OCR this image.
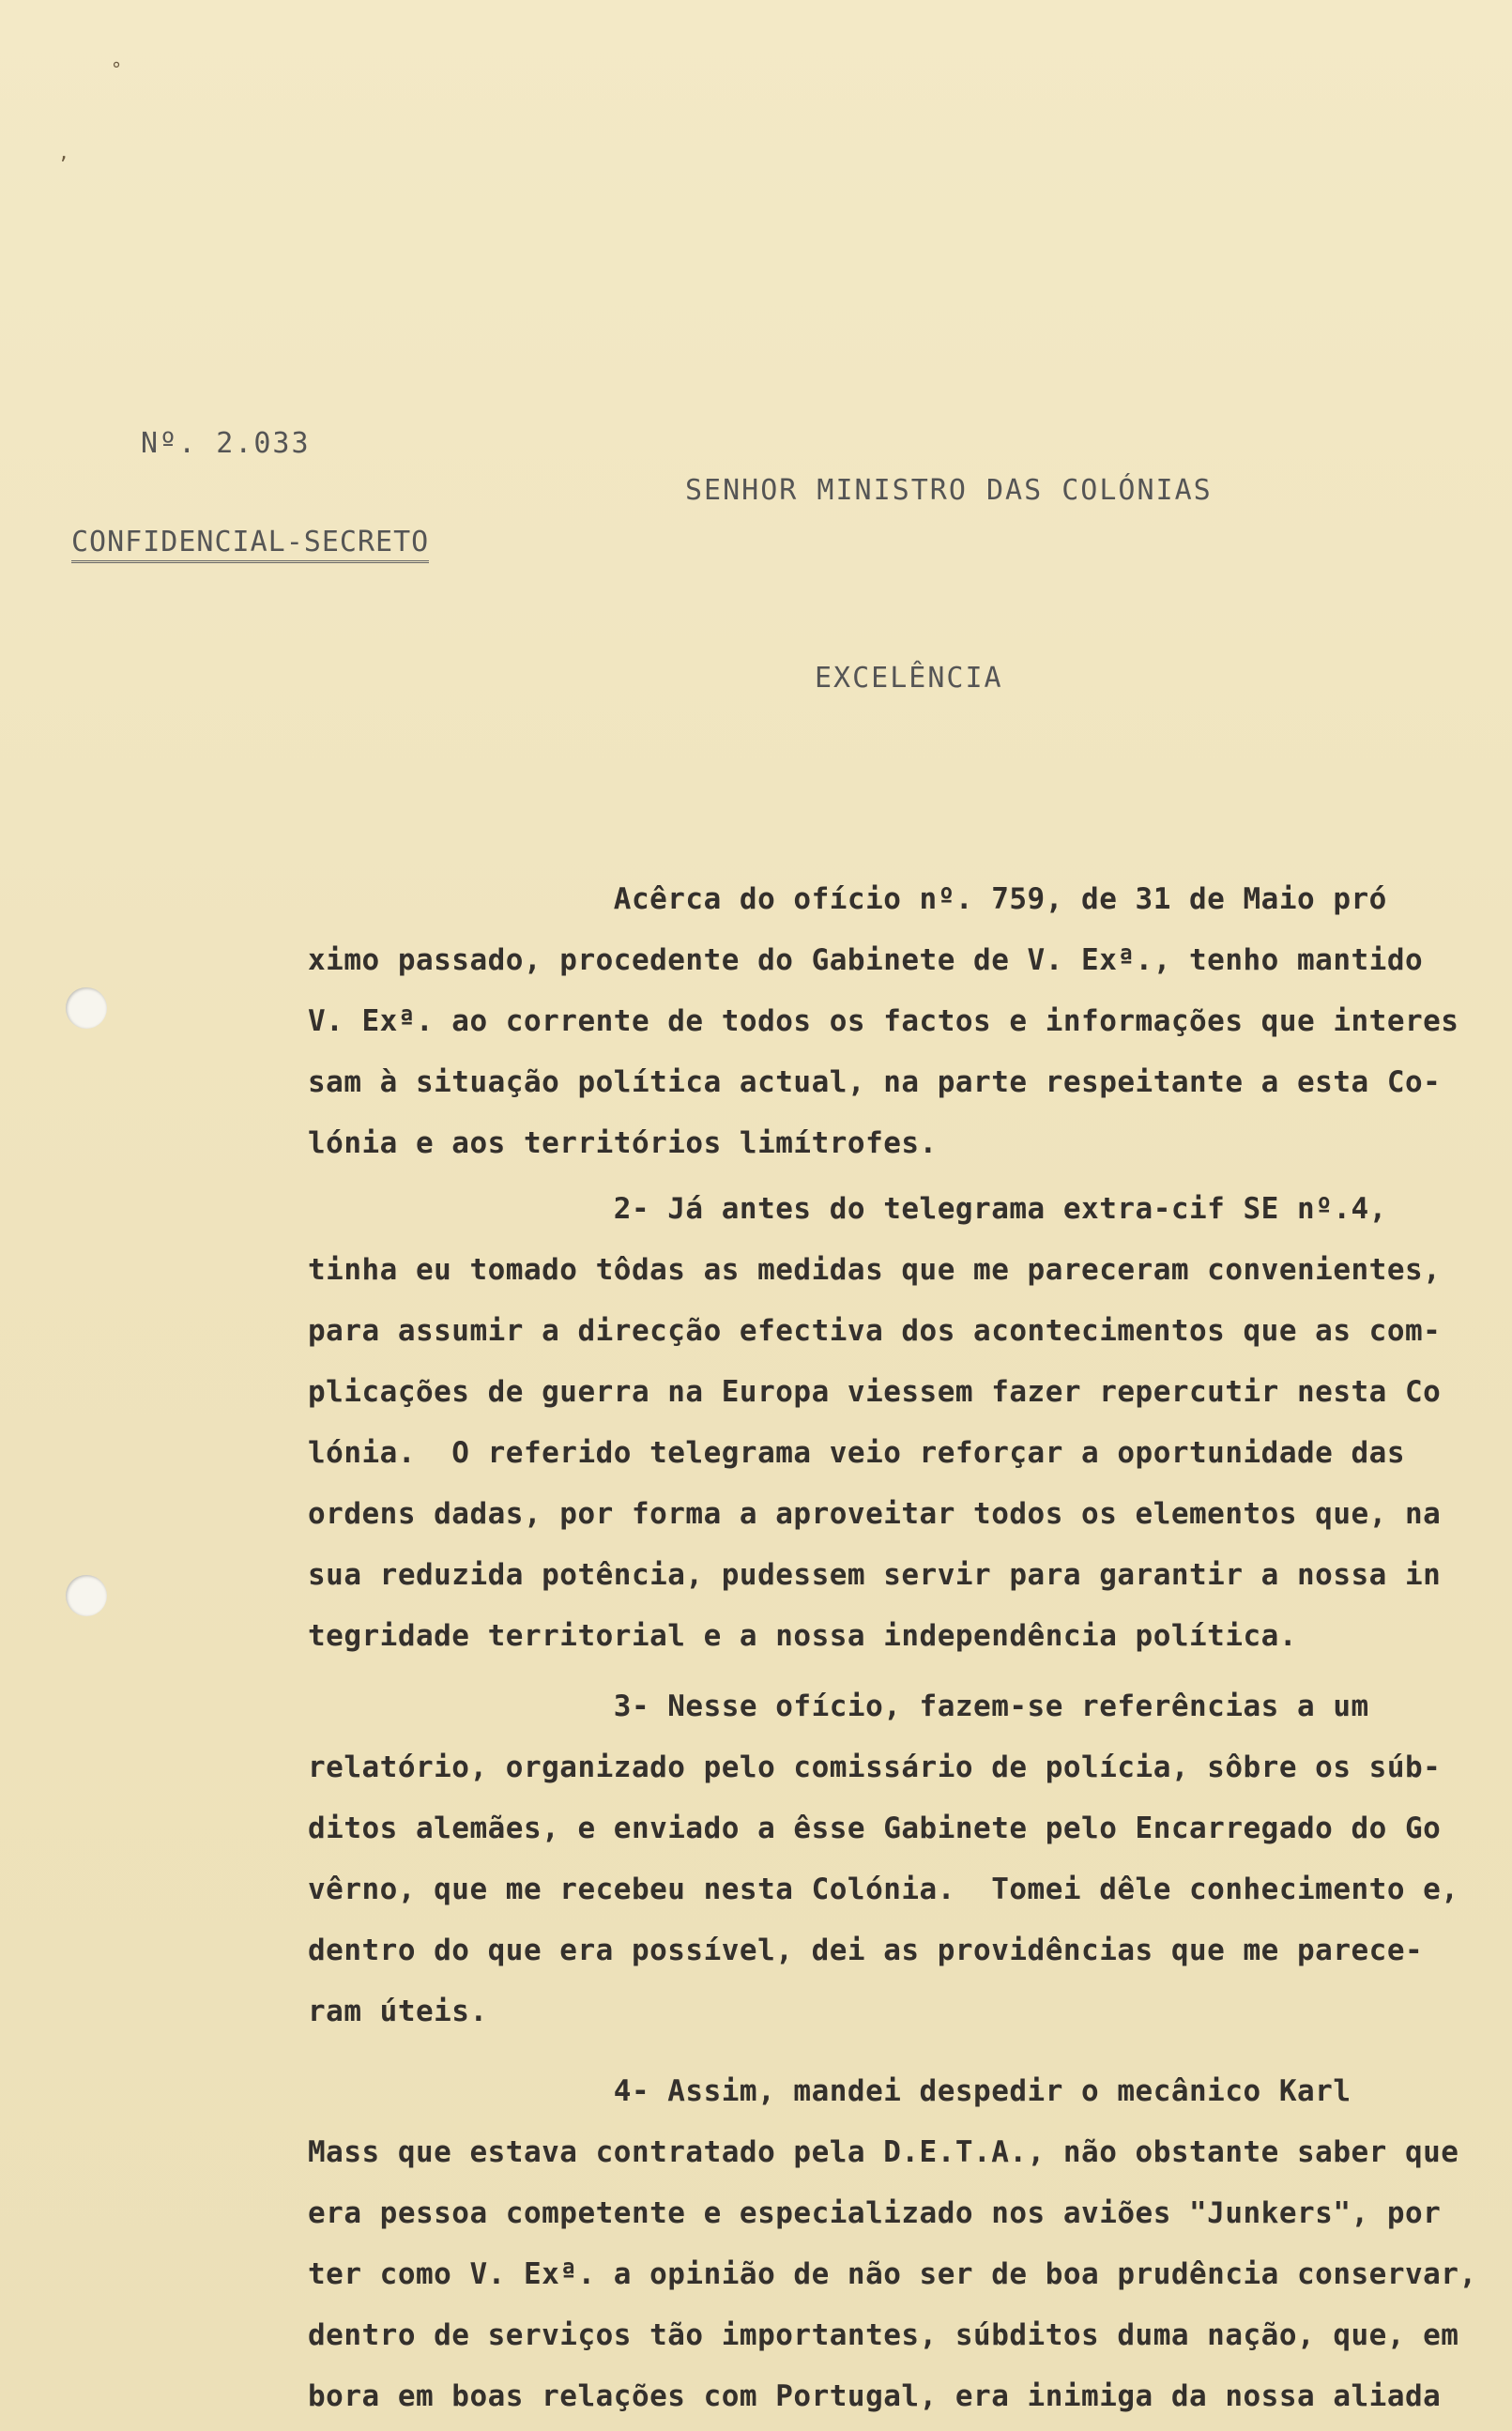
°
,
Nº. 2.033
SENHOR MINISTRO DAS COLÓNIAS
CONFIDENCIAL-SECRETO
EXCELÊNCIA
Acêrca do ofício nº. 759, de 31 de Maio pró
ximo passado, procedente do Gabinete de V. Exª., tenho mantido
V. Exª. ao corrente de todos os factos e informações que interes
sam à situação política actual, na parte respeitante a esta Co-
lónia e aos territórios limítrofes.
2- Já antes do telegrama extra-cif SE nº.4,
tinha eu tomado tôdas as medidas que me pareceram convenientes,
para assumir a direcção efectiva dos acontecimentos que as com-
plicações de guerra na Europa viessem fazer repercutir nesta Co
lónia.  O referido telegrama veio reforçar a oportunidade das
ordens dadas, por forma a aproveitar todos os elementos que, na
sua reduzida potência, pudessem servir para garantir a nossa in
tegridade territorial e a nossa independência política.
3- Nesse ofício, fazem-se referências a um
relatório, organizado pelo comissário de polícia, sôbre os súb-
ditos alemães, e enviado a êsse Gabinete pelo Encarregado do Go
vêrno, que me recebeu nesta Colónia.  Tomei dêle conhecimento e,
dentro do que era possível, dei as providências que me parece-
ram úteis.
4- Assim, mandei despedir o mecânico Karl
Mass que estava contratado pela D.E.T.A., não obstante saber que
era pessoa competente e especializado nos aviões "Junkers", por
ter como V. Exª. a opinião de não ser de boa prudência conservar,
dentro de serviços tão importantes, súbditos duma nação, que, em
bora em boas relações com Portugal, era inimiga da nossa aliada
